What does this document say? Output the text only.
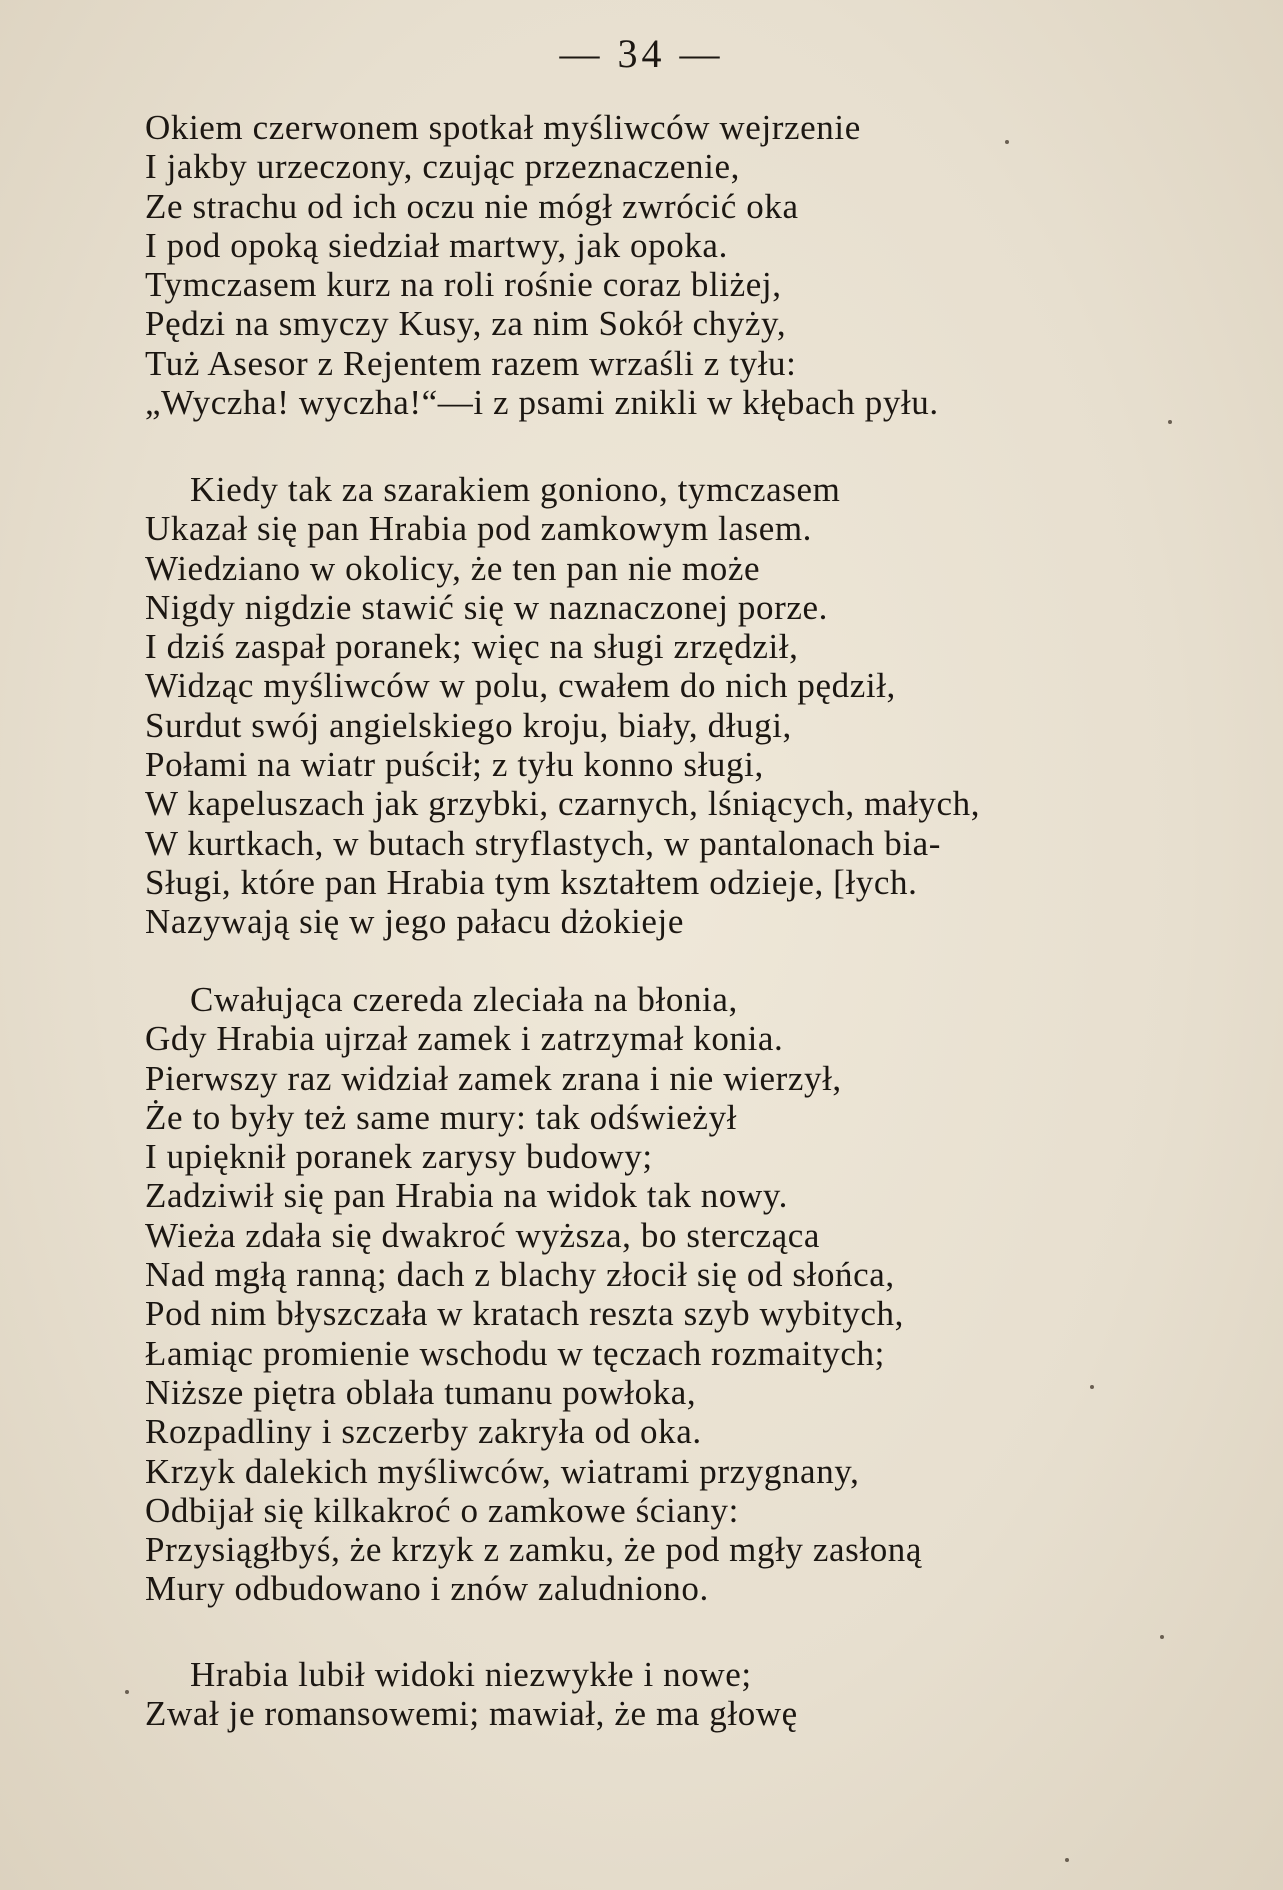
— 34 —
Okiem czerwonem spotkał myśliwców wejrzenie
I jakby urzeczony, czując przeznaczenie,
Ze strachu od ich oczu nie mógł zwrócić oka
I pod opoką siedział martwy, jak opoka.
Tymczasem kurz na roli rośnie coraz bliżej,
Pędzi na smyczy Kusy, za nim Sokół chyży,
Tuż Asesor z Rejentem razem wrzaśli z tyłu:
„Wyczha! wyczha!“—i z psami znikli w kłębach pyłu.
Kiedy tak za szarakiem goniono, tymczasem
Ukazał się pan Hrabia pod zamkowym lasem.
Wiedziano w okolicy, że ten pan nie może
Nigdy nigdzie stawić się w naznaczonej porze.
I dziś zaspał poranek; więc na sługi zrzędził,
Widząc myśliwców w polu, cwałem do nich pędził,
Surdut swój angielskiego kroju, biały, długi,
Połami na wiatr puścił; z tyłu konno sługi,
W kapeluszach jak grzybki, czarnych, lśniących, małych,
W kurtkach, w butach stryflastych, w pantalonach bia-
Sługi, które pan Hrabia tym kształtem odzieje, [łych.
Nazywają się w jego pałacu dżokieje
Cwałująca czereda zleciała na błonia,
Gdy Hrabia ujrzał zamek i zatrzymał konia.
Pierwszy raz widział zamek zrana i nie wierzył,
Że to były też same mury: tak odświeżył
I upięknił poranek zarysy budowy;
Zadziwił się pan Hrabia na widok tak nowy.
Wieża zdała się dwakroć wyższa, bo stercząca
Nad mgłą ranną; dach z blachy złocił się od słońca,
Pod nim błyszczała w kratach reszta szyb wybitych,
Łamiąc promienie wschodu w tęczach rozmaitych;
Niższe piętra oblała tumanu powłoka,
Rozpadliny i szczerby zakryła od oka.
Krzyk dalekich myśliwców, wiatrami przygnany,
Odbijał się kilkakroć o zamkowe ściany:
Przysiągłbyś, że krzyk z zamku, że pod mgły zasłoną
Mury odbudowano i znów zaludniono.
Hrabia lubił widoki niezwykłe i nowe;
Zwał je romansowemi; mawiał, że ma głowę
